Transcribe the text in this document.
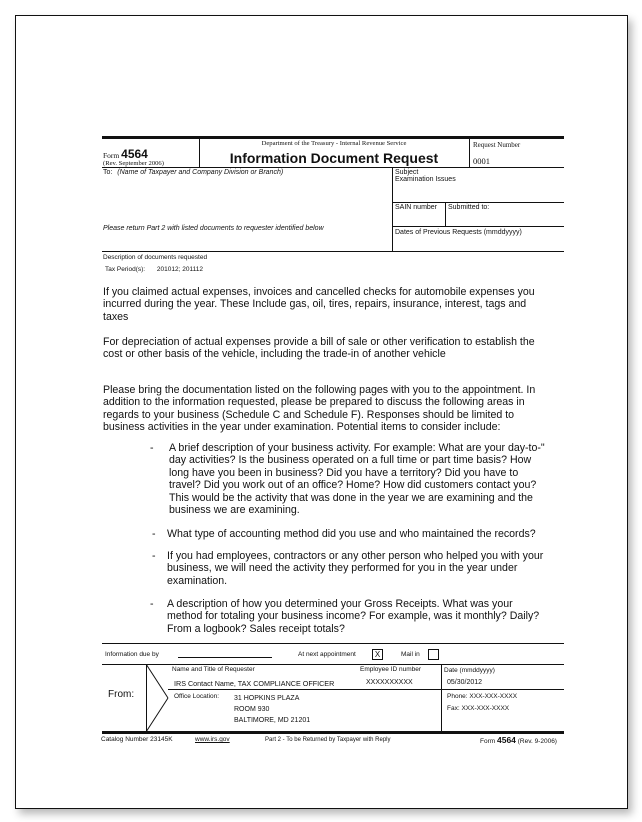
Form 4564
(Rev. September 2006)
Department of the Treasury - Internal Revenue Service
Information Document Request
Request Number
0001
To: (Name of Taxpayer and Company Division or Branch)
Please return Part 2 with listed documents to requester identified below
Subject
Examination Issues
SAIN number Submitted to:
Dates of Previous Requests (mmddyyyy)
Description of documents requested
Tax Period(s): 201012; 201112
If you claimed actual expenses, invoices and cancelled checks for automobile expenses you incurred during the year. These Include gas, oil, tires, repairs, insurance, interest, tags and taxes
For depreciation of actual expenses provide a bill of sale or other verification to establish the cost or other basis of the vehicle, including the trade-in of another vehicle
Please bring the documentation listed on the following pages with you to the appointment. In addition to the information requested, please be prepared to discuss the following areas in regards to your business (Schedule C and Schedule F). Responses should be limited to business activities in the year under examination. Potential items to consider include:
- A brief description of your business activity. For example: What are your day-to-" day activities? Is the business operated on a full time or part time basis? How long have you been in business? Did you have a territory? Did you have to travel? Did you work out of an office? Home? How did customers contact you? This would be the activity that was done in the year we are examining and the business we are examining.
- What type of accounting method did you use and who maintained the records?
- If you had employees, contractors or any other person who helped you with your business, we will need the activity they performed for you in the year under examination.
- A description of how you determined your Gross Receipts. What was your method for totaling your business income? For example, was it monthly? Daily? From a logbook? Sales receipt totals?
Information due by	At next appointment	X	Mail in
From:
Name and Title of Requester
IRS Contact Name, TAX COMPLIANCE OFFICER
Employee ID number
XXXXXXXXXX
Date (mmddyyyy)
05/30/2012
Office Location: 31 HOPKINS PLAZA
ROOM 930
BALTIMORE, MD 21201
Phone: XXX-XXX-XXXX
Fax: XXX-XXX-XXXX
Catalog Number 23145K	www.irs.gov	Part 2 - To be Returned by Taxpayer with Reply	Form 4564 (Rev. 9-2006)
